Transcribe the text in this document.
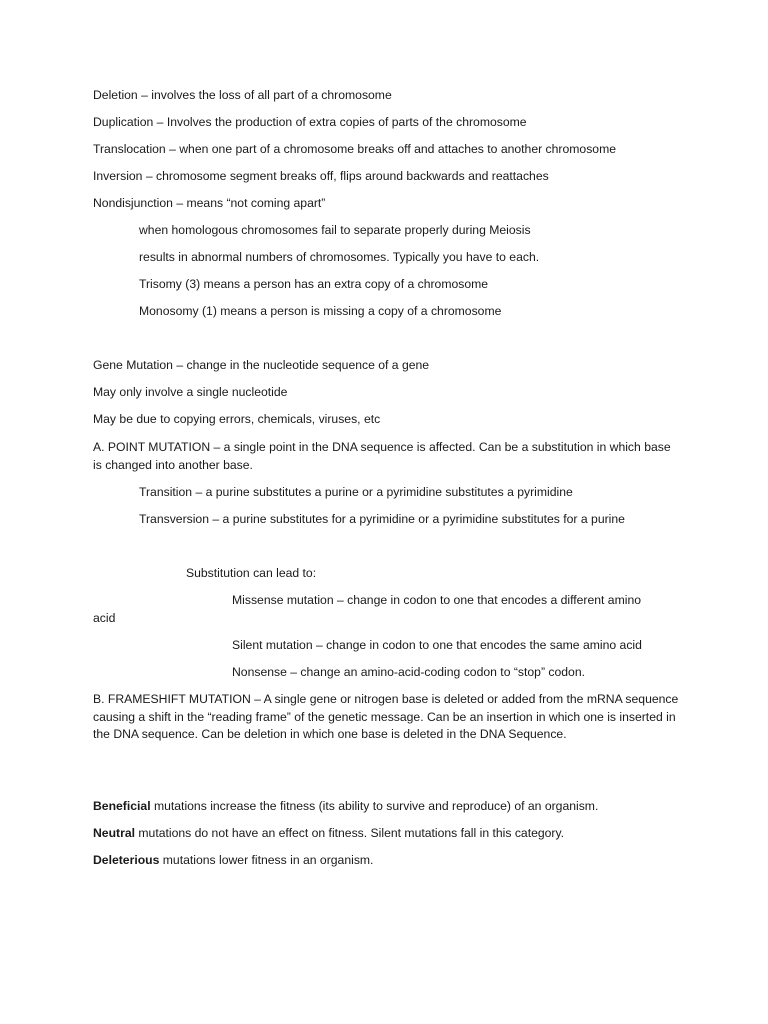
Deletion – involves the loss of all part of a chromosome
Duplication – Involves the production of extra copies of parts of the chromosome
Translocation – when one part of a chromosome breaks off and attaches to another chromosome
Inversion – chromosome segment breaks off, flips around backwards and reattaches
Nondisjunction – means “not coming apart”
when homologous chromosomes fail to separate properly during Meiosis
results in abnormal numbers of chromosomes. Typically you have to each.
Trisomy (3) means a person has an extra copy of a chromosome
Monosomy (1) means a person is missing a copy of a chromosome
Gene Mutation – change in the nucleotide sequence of a gene
May only involve a single nucleotide
May be due to copying errors, chemicals, viruses, etc
A. POINT MUTATION – a single point in the DNA sequence is affected. Can be a substitution in which base is changed into another base.
Transition – a purine substitutes a purine or a pyrimidine substitutes a pyrimidine
Transversion – a purine substitutes for a pyrimidine or a pyrimidine substitutes for a purine
Substitution can lead to:
Missense mutation – change in codon to one that encodes a different amino
acid
Silent mutation – change in codon to one that encodes the same amino acid
Nonsense – change an amino-acid-coding codon to “stop” codon.
B. FRAMESHIFT MUTATION – A single gene or nitrogen base is deleted or added from the mRNA sequence causing a shift in the “reading frame” of the genetic message. Can be an insertion in which one is inserted in the DNA sequence. Can be deletion in which one base is deleted in the DNA Sequence.
Beneficial mutations increase the fitness (its ability to survive and reproduce) of an organism.
Neutral mutations do not have an effect on fitness. Silent mutations fall in this category.
Deleterious mutations lower fitness in an organism.
